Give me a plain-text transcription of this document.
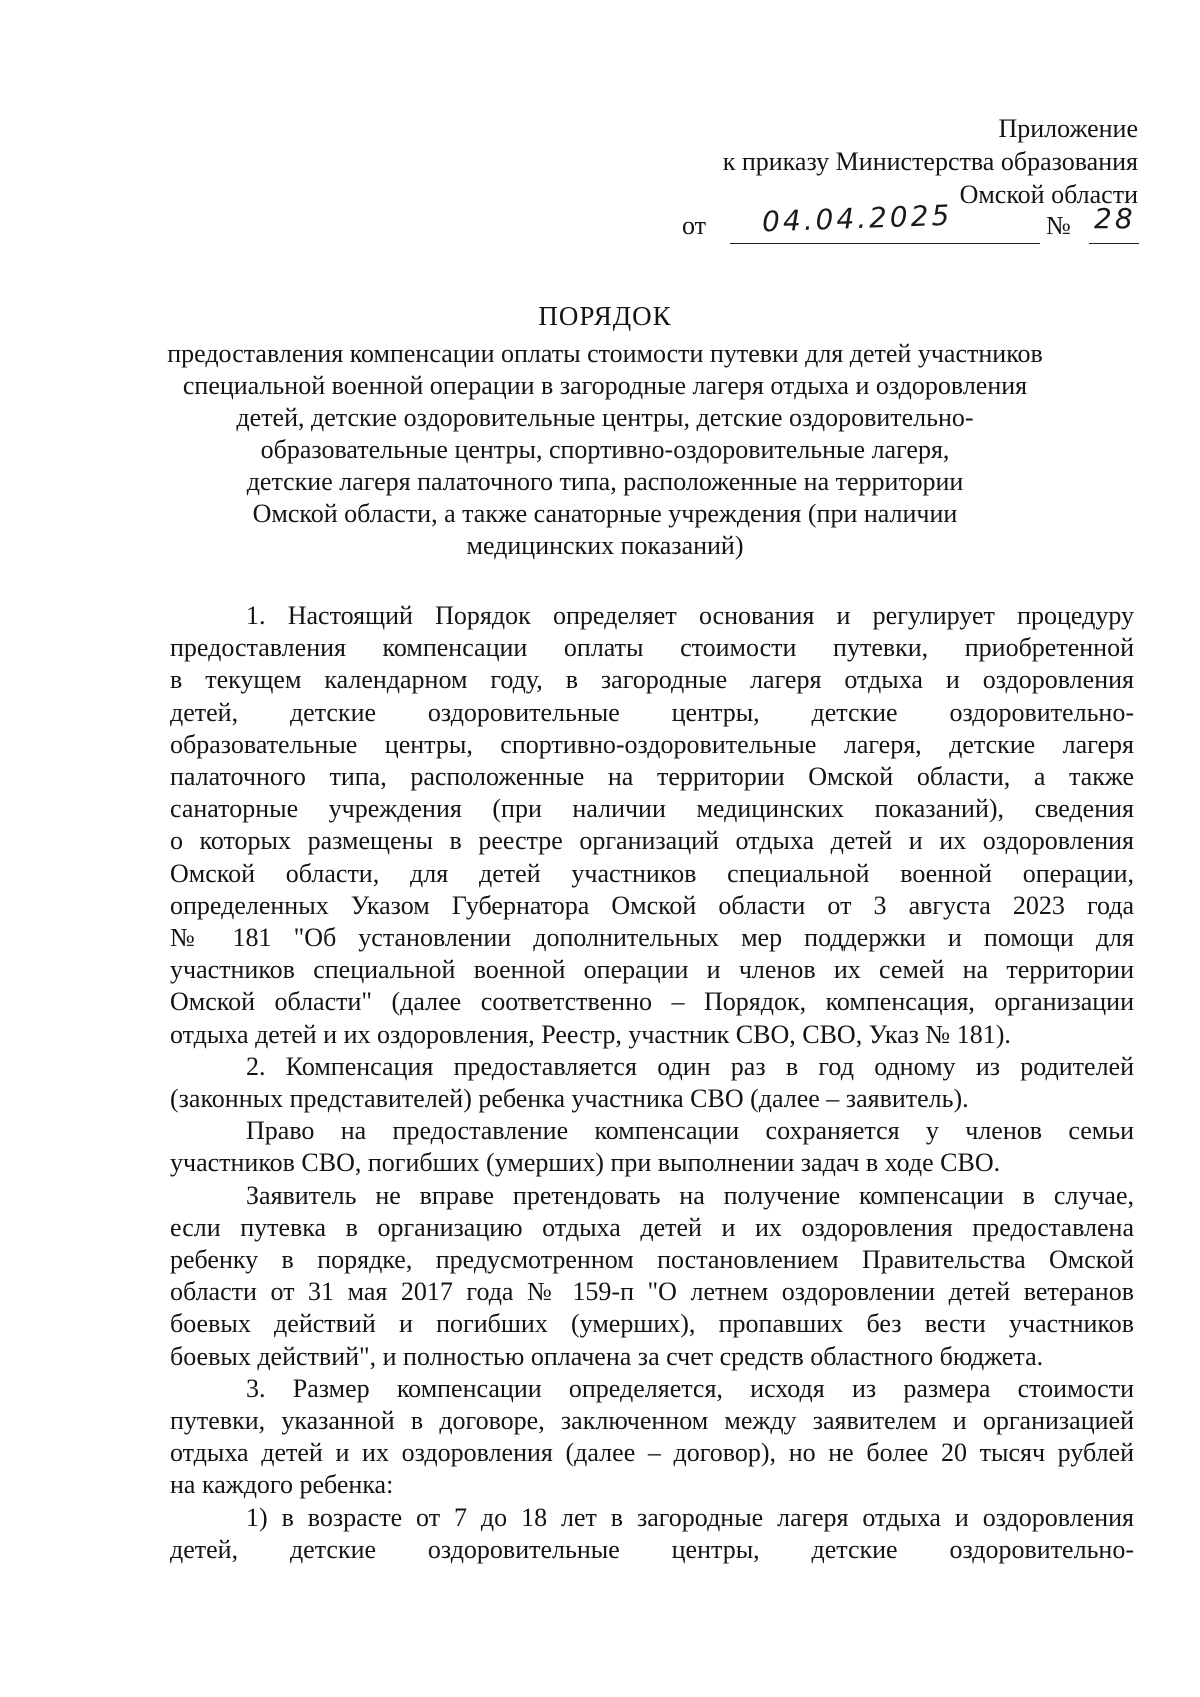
Приложение
к приказу Министерства образования
Омской области
от 04.04.2025	№ 28
ПОРЯДОК
предоставления компенсации оплаты стоимости путевки для детей участников
специальной военной операции в загородные лагеря отдыха и оздоровления
детей, детские оздоровительные центры, детские оздоровительно-
образовательные центры, спортивно-оздоровительные лагеря,
детские лагеря палаточного типа, расположенные на территории
Омской области, а также санаторные учреждения (при наличии
медицинских показаний)
1. Настоящий Порядок определяет основания и регулирует процедуру
предоставления компенсации оплаты стоимости путевки, приобретенной
в текущем календарном году, в загородные лагеря отдыха и оздоровления
детей, детские оздоровительные центры, детские оздоровительно-
образовательные центры, спортивно-оздоровительные лагеря, детские лагеря
палаточного типа, расположенные на территории Омской области, а также
санаторные учреждения (при наличии медицинских показаний), сведения
о которых размещены в реестре организаций отдыха детей и их оздоровления
Омской области, для детей участников специальной военной операции,
определенных Указом Губернатора Омской области от 3 августа 2023 года
№ 181 "Об установлении дополнительных мер поддержки и помощи для
участников специальной военной операции и членов их семей на территории
Омской области" (далее соответственно – Порядок, компенсация, организации
отдыха детей и их оздоровления, Реестр, участник СВО, СВО, Указ № 181).
2. Компенсация предоставляется один раз в год одному из родителей
(законных представителей) ребенка участника СВО (далее – заявитель).
Право на предоставление компенсации сохраняется у членов семьи
участников СВО, погибших (умерших) при выполнении задач в ходе СВО.
Заявитель не вправе претендовать на получение компенсации в случае,
если путевка в организацию отдыха детей и их оздоровления предоставлена
ребенку в порядке, предусмотренном постановлением Правительства Омской
области от 31 мая 2017 года № 159-п "О летнем оздоровлении детей ветеранов
боевых действий и погибших (умерших), пропавших без вести участников
боевых действий", и полностью оплачена за счет средств областного бюджета.
3. Размер компенсации определяется, исходя из размера стоимости
путевки, указанной в договоре, заключенном между заявителем и организацией
отдыха детей и их оздоровления (далее – договор), но не более 20 тысяч рублей
на каждого ребенка:
1) в возрасте от 7 до 18 лет в загородные лагеря отдыха и оздоровления
детей, детские оздоровительные центры, детские оздоровительно-
